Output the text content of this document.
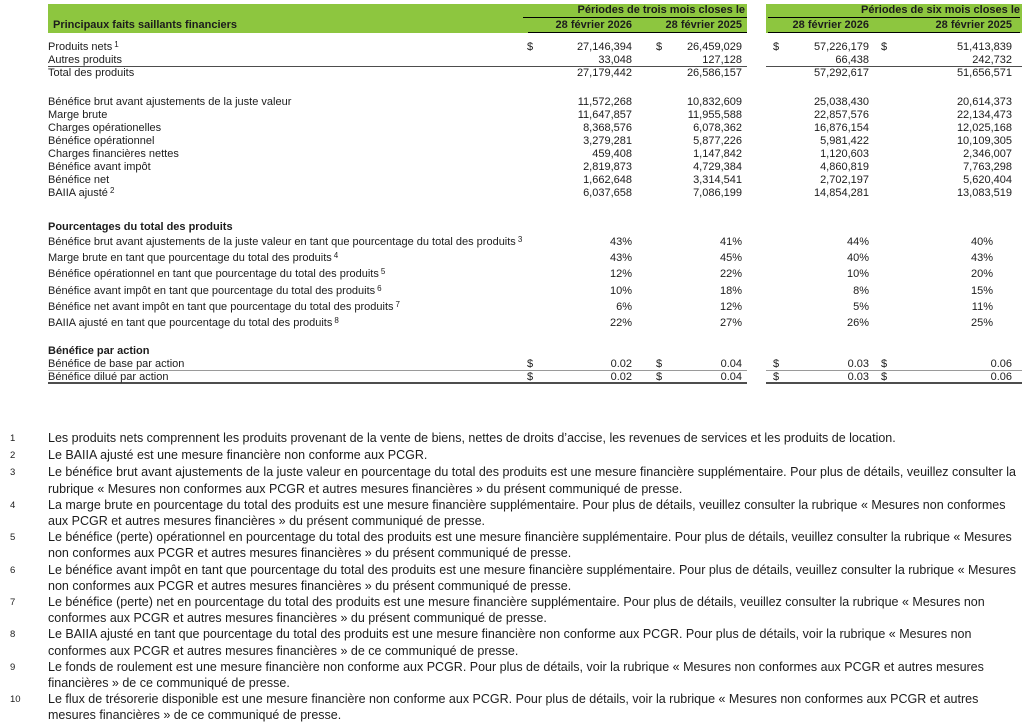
Périodes de trois mois closes le	Périodes de six mois closes le
Principaux faits saillants financiers	28 février 2026	28 février 2025	28 février 2026	28 février 2025
Produits nets $^1$	$	27,146,394	$	26,459,029	$	57,226,179	$	51,413,839
Autres produits	33,048	127,128	66,438	242,732
Total des produits	27,179,442	26,586,157	57,292,617	51,656,571
Bénéfice brut avant ajustements de la juste valeur	11,572,268	10,832,609	25,038,430	20,614,373
Marge brute	11,647,857	11,955,588	22,857,576	22,134,473
Charges opérationelles	8,368,576	6,078,362	16,876,154	12,025,168
Bénéfice opérationnel	3,279,281	5,877,226	5,981,422	10,109,305
Charges financières nettes	459,408	1,147,842	1,120,603	2,346,007
Bénéfice avant impôt	2,819,873	4,729,384	4,860,819	7,763,298
Bénéfice net	1,662,648	3,314,541	2,702,197	5,620,404
BAIIA ajusté $^2$	6,037,658	7,086,199	14,854,281	13,083,519
Pourcentages du total des produits
Bénéfice brut avant ajustements de la juste valeur en tant que pourcentage du total des produits $^3$	43%	41%	44%	40%
Marge brute en tant que pourcentage du total des produits $^4$	43%	45%	40%	43%
Bénéfice opérationnel en tant que pourcentage du total des produits $^5$	12%	22%	10%	20%
Bénéfice avant impôt en tant que pourcentage du total des produits $^6$	10%	18%	8%	15%
Bénéfice net avant impôt en tant que pourcentage du total des produits $^7$	6%	12%	5%	11%
BAIIA ajusté en tant que pourcentage du total des produits $^8$	22%	27%	26%	25%
Bénéfice par action
Bénéfice de base par action	$	0.02	$	0.04	$	0.03	$	0.06
Bénéfice dilué par action	$	0.02	$	0.04	$	0.03	$	0.06
1	Les produits nets comprennent les produits provenant de la vente de biens, nettes de droits d’accise, les revenues de services et les produits de location.
2	Le BAIIA ajusté est une mesure financière non conforme aux PCGR.
3	Le bénéfice brut avant ajustements de la juste valeur en pourcentage du total des produits est une mesure financière supplémentaire. Pour plus de détails, veuillez consulter la rubrique « Mesures non conformes aux PCGR et autres mesures financières » du présent communiqué de presse.
4	La marge brute en pourcentage du total des produits est une mesure financière supplémentaire. Pour plus de détails, veuillez consulter la rubrique « Mesures non conformes aux PCGR et autres mesures financières » du présent communiqué de presse.
5	Le bénéfice (perte) opérationnel en pourcentage du total des produits est une mesure financière supplémentaire. Pour plus de détails, veuillez consulter la rubrique « Mesures non conformes aux PCGR et autres mesures financières » du présent communiqué de presse.
6	Le bénéfice avant impôt en tant que pourcentage du total des produits est une mesure financière supplémentaire. Pour plus de détails, veuillez consulter la rubrique « Mesures non conformes aux PCGR et autres mesures financières » du présent communiqué de presse.
7	Le bénéfice (perte) net en pourcentage du total des produits est une mesure financière supplémentaire. Pour plus de détails, veuillez consulter la rubrique « Mesures non conformes aux PCGR et autres mesures financières » du présent communiqué de presse.
8	Le BAIIA ajusté en tant que pourcentage du total des produits est une mesure financière non conforme aux PCGR. Pour plus de détails, voir la rubrique « Mesures non conformes aux PCGR et autres mesures financières » de ce communiqué de presse.
9	Le fonds de roulement est une mesure financière non conforme aux PCGR. Pour plus de détails, voir la rubrique « Mesures non conformes aux PCGR et autres mesures financières » de ce communiqué de presse.
10	Le flux de trésorerie disponible est une mesure financière non conforme aux PCGR. Pour plus de détails, voir la rubrique « Mesures non conformes aux PCGR et autres mesures financières » de ce communiqué de presse.
